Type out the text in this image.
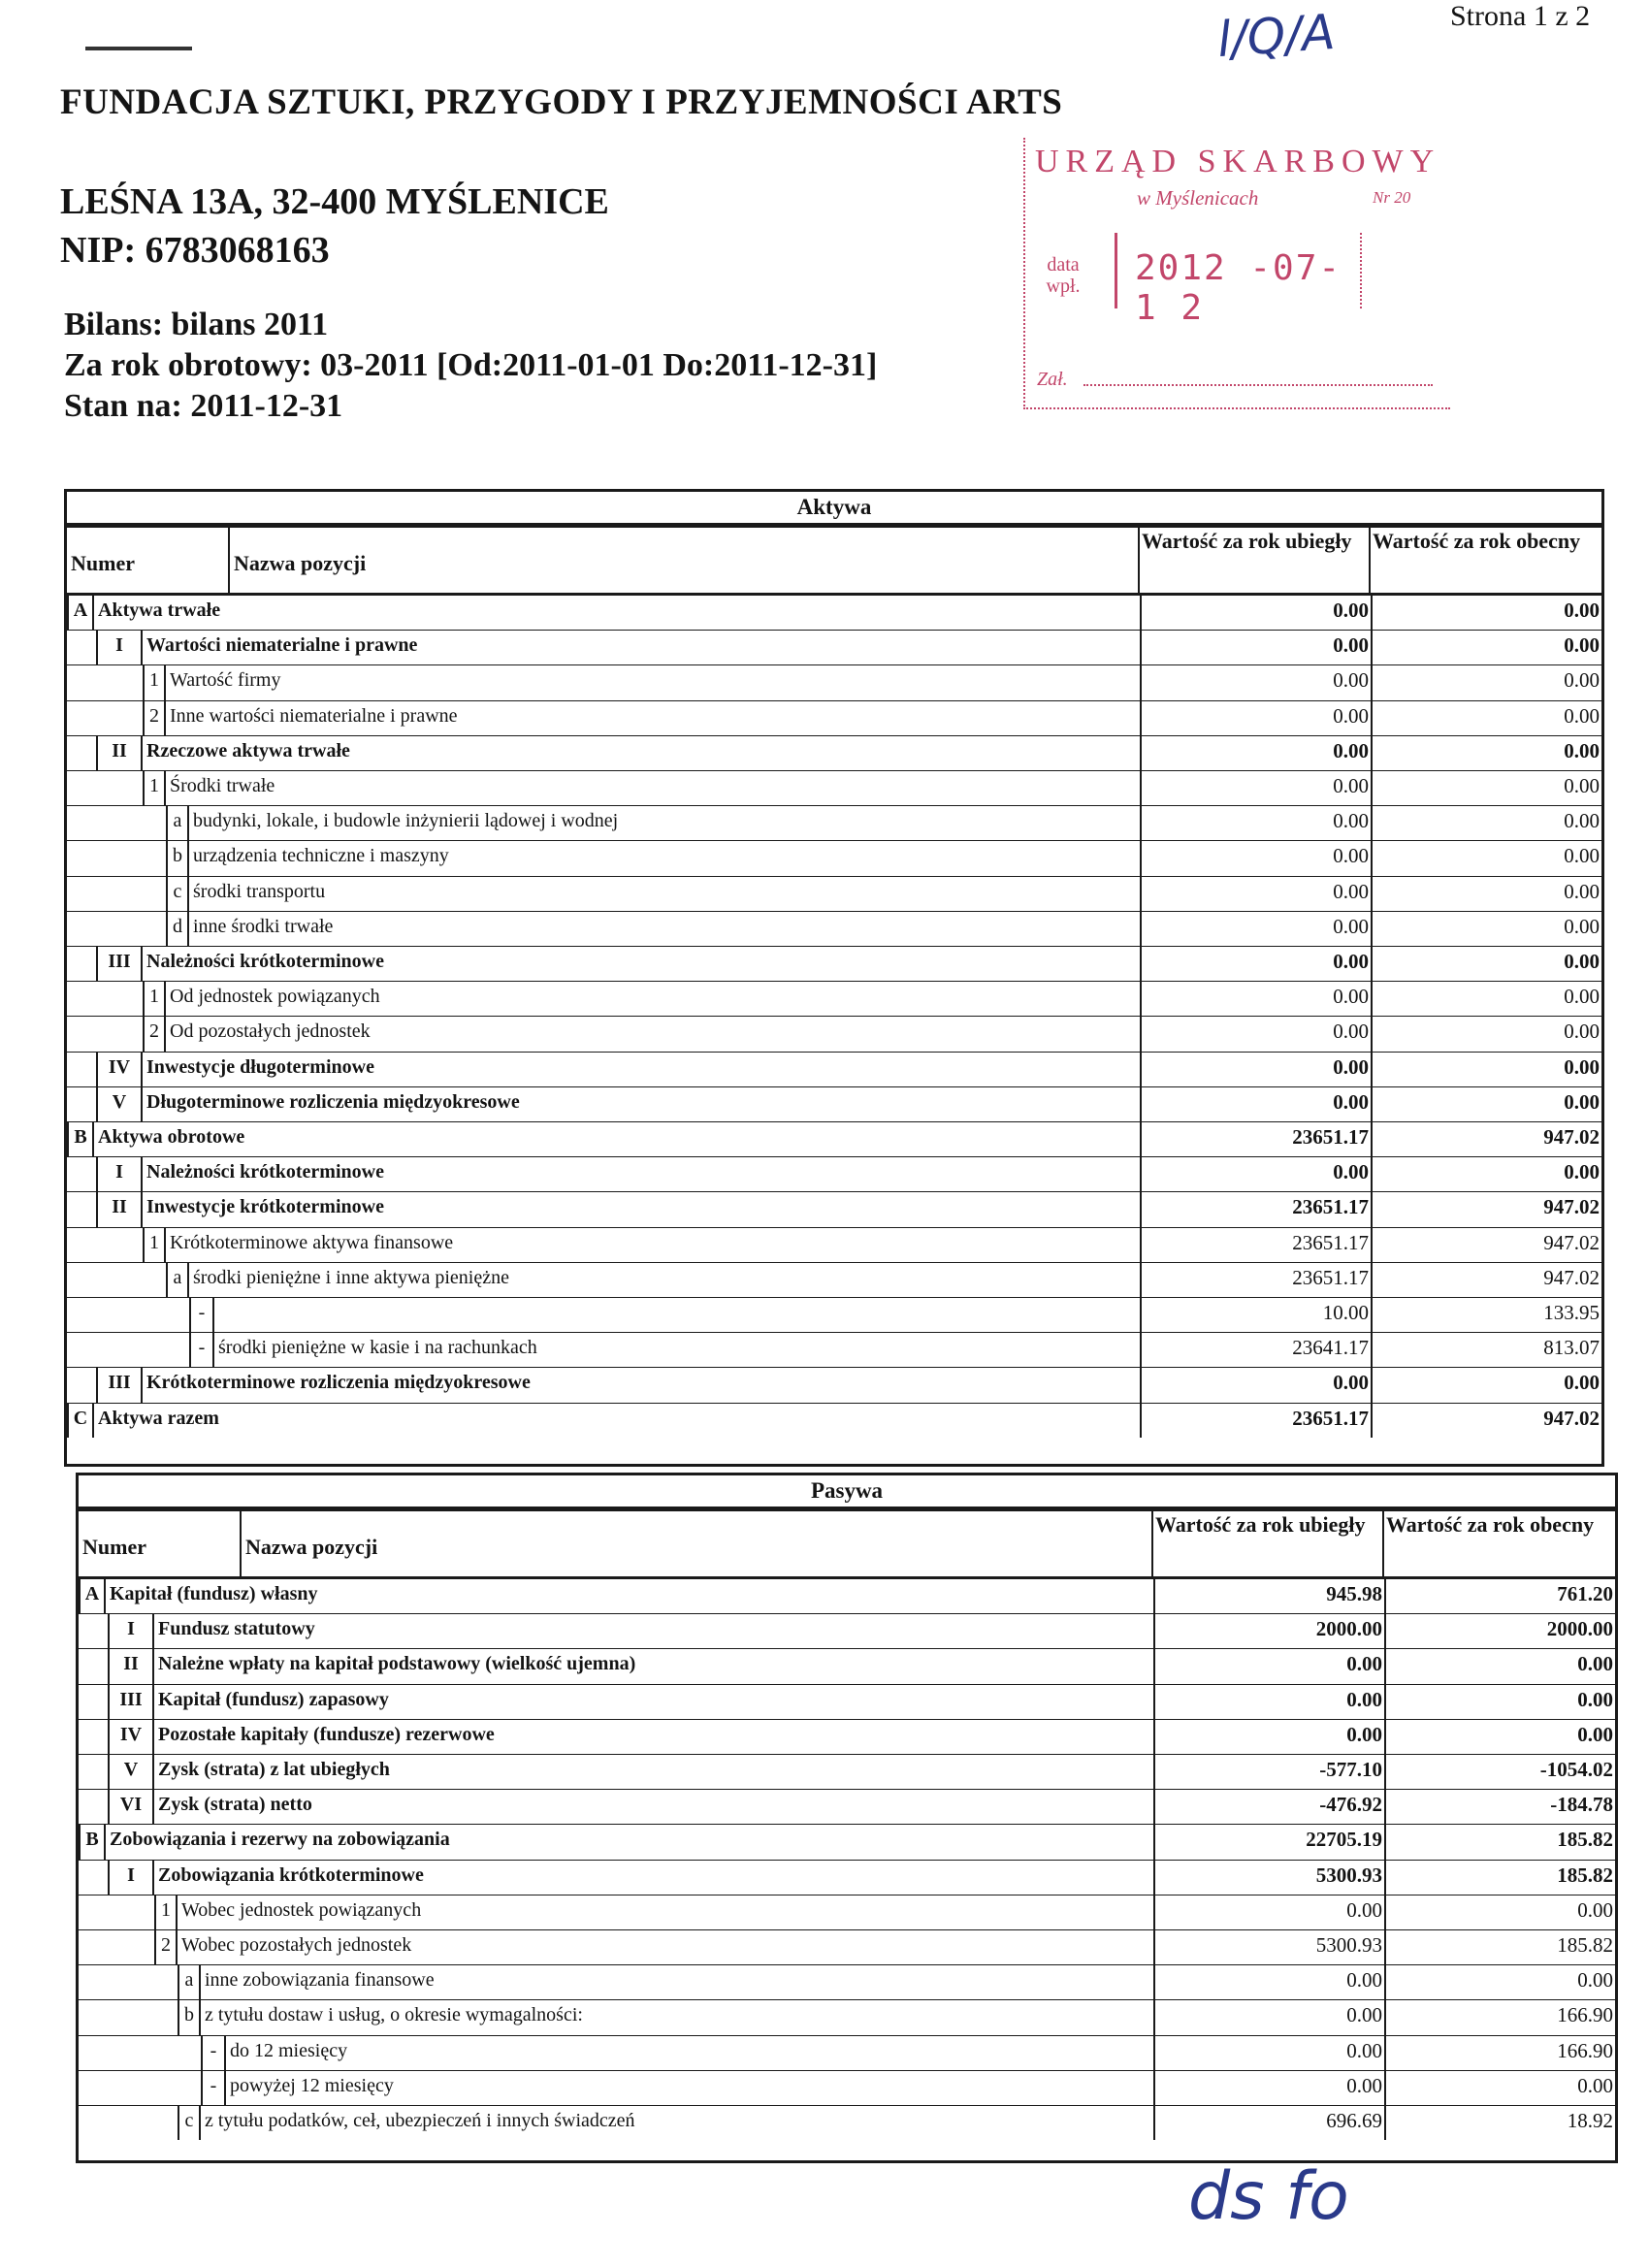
Strona 1 z 2
l/Q/A
FUNDACJA SZTUKI, PRZYGODY I PRZYJEMNOŚCI ARTS
LEŚNA 13A, 32-400 MYŚLENICE
NIP: 6783068163
Bilans: bilans 2011
Za rok obrotowy: 03-2011 [Od:2011-01-01 Do:2011-12-31]
Stan na: 2011-12-31
URZĄD SKARBOWY
w Myślenicach	Nr 20
data wpł. 2012 -07- 1 2
Zał.
Aktywa
Numer	Nazwa pozycji
Wartość za rok ubiegły Wartość za rok obecny
A Aktywa trwałe	0.00	0.00
I	Wartości niematerialne i prawne	0.00	0.00
1 Wartość firmy	0.00	0.00
2 Inne wartości niematerialne i prawne	0.00	0.00
II	Rzeczowe aktywa trwałe	0.00	0.00
1 Środki trwałe	0.00	0.00
a budynki, lokale, i budowle inżynierii lądowej i wodnej	0.00	0.00
b urządzenia techniczne i maszyny	0.00	0.00
c środki transportu	0.00	0.00
d inne środki trwałe	0.00	0.00
III Należności krótkoterminowe	0.00	0.00
1 Od jednostek powiązanych	0.00	0.00
2 Od pozostałych jednostek	0.00	0.00
IV Inwestycje długoterminowe	0.00	0.00
V	Długoterminowe rozliczenia międzyokresowe	0.00	0.00
B Aktywa obrotowe	23651.17	947.02
I	Należności krótkoterminowe	0.00	0.00
II	Inwestycje krótkoterminowe	23651.17	947.02
1 Krótkoterminowe aktywa finansowe	23651.17	947.02
a środki pieniężne i inne aktywa pieniężne	23651.17	947.02
-	10.00	133.95
- środki pieniężne w kasie i na rachunkach	23641.17	813.07
III Krótkoterminowe rozliczenia międzyokresowe	0.00	0.00
C Aktywa razem	23651.17	947.02
Pasywa
Numer	Nazwa pozycji
Wartość za rok ubiegły Wartość za rok obecny
A Kapitał (fundusz) własny	945.98	761.20
I	Fundusz statutowy	2000.00	2000.00
II	Należne wpłaty na kapitał podstawowy (wielkość ujemna)	0.00	0.00
III Kapitał (fundusz) zapasowy	0.00	0.00
IV Pozostałe kapitały (fundusze) rezerwowe	0.00	0.00
V	Zysk (strata) z lat ubiegłych	-577.10	-1054.02
VI Zysk (strata) netto	-476.92	-184.78
B Zobowiązania i rezerwy na zobowiązania	22705.19	185.82
I	Zobowiązania krótkoterminowe	5300.93	185.82
1 Wobec jednostek powiązanych	0.00	0.00
2 Wobec pozostałych jednostek	5300.93	185.82
a inne zobowiązania finansowe	0.00	0.00
b z tytułu dostaw i usług, o okresie wymagalności:	0.00	166.90
- do 12 miesięcy	0.00	166.90
- powyżej 12 miesięcy	0.00	0.00
c z tytułu podatków, ceł, ubezpieczeń i innych świadczeń	696.69	18.92
ds fo
